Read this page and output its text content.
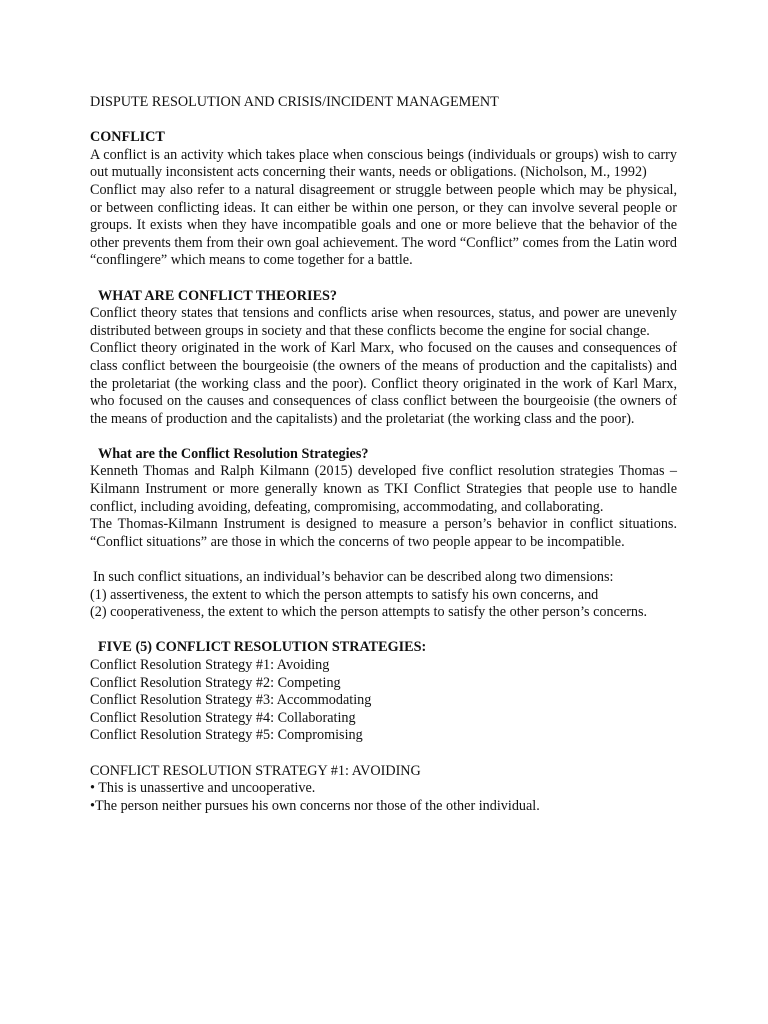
DISPUTE RESOLUTION AND CRISIS/INCIDENT MANAGEMENT

CONFLICT

A conflict is an activity which takes place when conscious beings (individuals or groups) wish to carry out mutually inconsistent acts concerning their wants, needs or obligations. (Nicholson, M., 1992)

Conflict may also refer to a natural disagreement or struggle between people which may be physical, or between conflicting ideas. It can either be within one person, or they can involve several people or groups. It exists when they have incompatible goals and one or more believe that the behavior of the other prevents them from their own goal achievement. The word “Conflict” comes from the Latin word “conflingere” which means to come together for a battle.

WHAT ARE CONFLICT THEORIES?

Conflict theory states that tensions and conflicts arise when resources, status, and power are unevenly distributed between groups in society and that these conflicts become the engine for social change.

Conflict theory originated in the work of Karl Marx, who focused on the causes and consequences of class conflict between the bourgeoisie (the owners of the means of production and the capitalists) and the proletariat (the working class and the poor). Conflict theory originated in the work of Karl Marx, who focused on the causes and consequences of class conflict between the bourgeoisie (the owners of the means of production and the capitalists) and the proletariat (the working class and the poor).

What are the Conflict Resolution Strategies?

Kenneth Thomas and Ralph Kilmann (2015) developed five conflict resolution strategies Thomas – Kilmann Instrument or more generally known as TKI Conflict Strategies that people use to handle conflict, including avoiding, defeating, compromising, accommodating, and collaborating.

The Thomas-Kilmann Instrument is designed to measure a person’s behavior in conflict situations. “Conflict situations” are those in which the concerns of two people appear to be incompatible.

In such conflict situations, an individual’s behavior can be described along two dimensions:

(1) assertiveness, the extent to which the person attempts to satisfy his own concerns, and

(2) cooperativeness, the extent to which the person attempts to satisfy the other person’s concerns.

FIVE (5) CONFLICT RESOLUTION STRATEGIES:

Conflict Resolution Strategy #1: Avoiding

Conflict Resolution Strategy #2: Competing

Conflict Resolution Strategy #3: Accommodating

Conflict Resolution Strategy #4: Collaborating

Conflict Resolution Strategy #5: Compromising

CONFLICT RESOLUTION STRATEGY #1: AVOIDING

• This is unassertive and uncooperative.

•The person neither pursues his own concerns nor those of the other individual.
